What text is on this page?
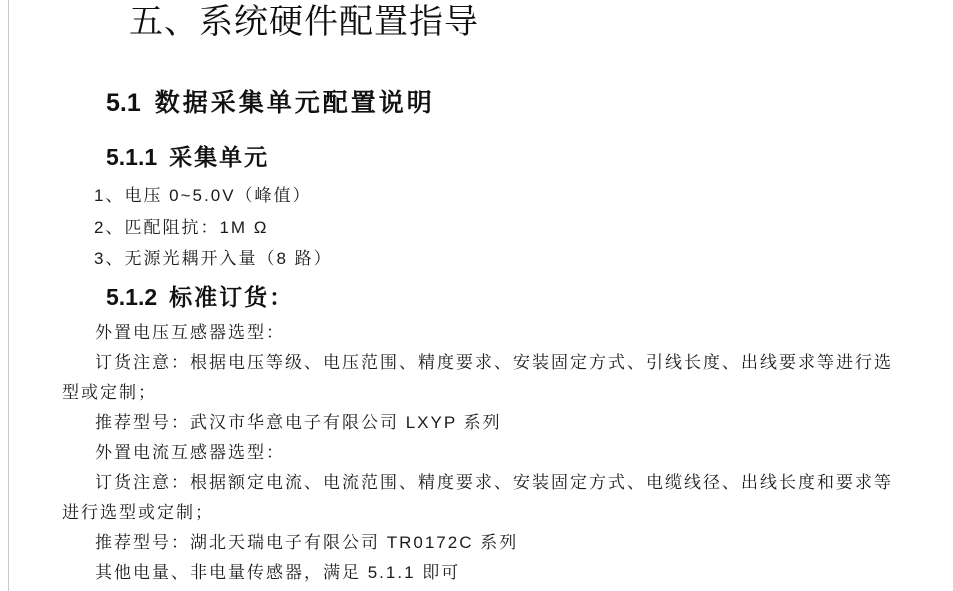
五、系统硬件配置指导
5.1 数据采集单元配置说明
5.1.1 采集单元
1、电压 0~5.0V（峰值）
2、匹配阻抗：1M Ω
3、无源光耦开入量（8 路）
5.1.2 标准订货：

外置电压互感器选型：

订货注意：根据电压等级、电压范围、精度要求、安装固定方式、引线长度、出线要求等进行选型或定制；

推荐型号：武汉市华意电子有限公司 LXYP 系列

外置电流互感器选型：

订货注意：根据额定电流、电流范围、精度要求、安装固定方式、电缆线径、出线长度和要求等进行选型或定制；

推荐型号：湖北天瑞电子有限公司 TR0172C 系列

其他电量、非电量传感器，满足 5.1.1 即可
